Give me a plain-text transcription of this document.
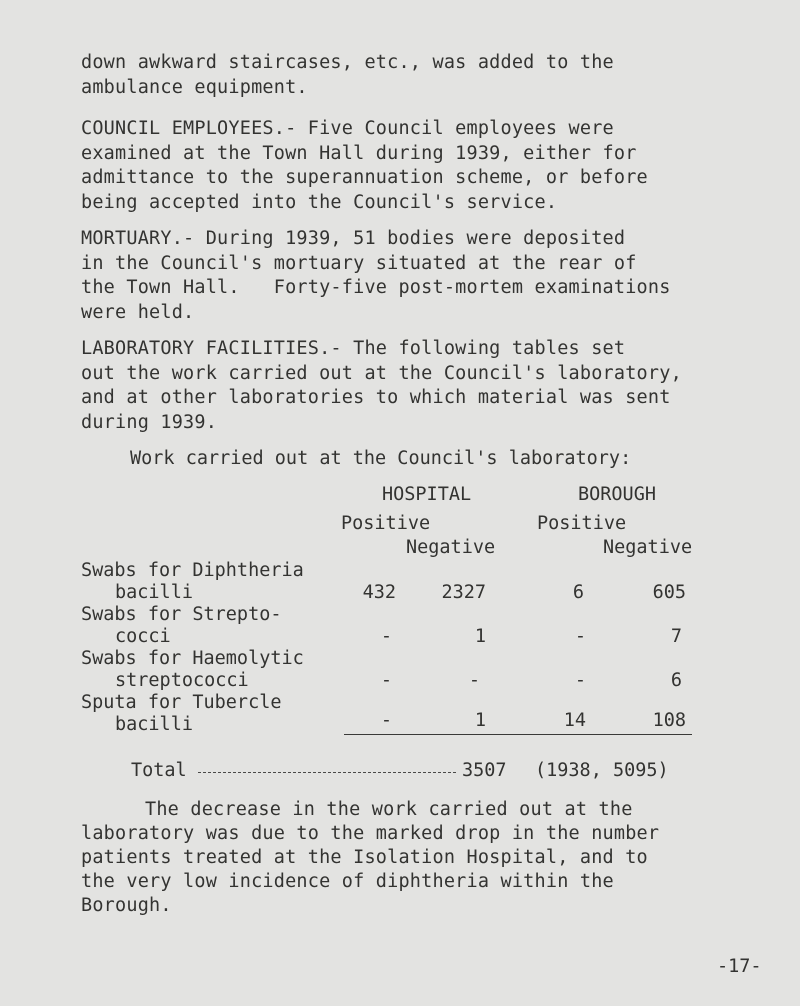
down awkward staircases, etc., was added to the
ambulance equipment.
COUNCIL EMPLOYEES.- Five Council employees were
examined at the Town Hall during 1939, either for
admittance to the superannuation scheme, or before
being accepted into the Council's service.
MORTUARY.- During 1939, 51 bodies were deposited
in the Council's mortuary situated at the rear of
the Town Hall.   Forty-five post-mortem examinations
were held.
LABORATORY FACILITIES.- The following tables set
out the work carried out at the Council's laboratory,
and at other laboratories to which material was sent
during 1939.
Work carried out at the Council's laboratory:
HOSPITAL	BOROUGH
Positive	Positive
Negative	Negative
Swabs for Diphtheria
bacilli	432	2327	6	605
Swabs for Strepto-
cocci	-	1	-	7
Swabs for Haemolytic
streptococci	-	-	-	6
Sputa for Tubercle
bacilli	-	1	14	108
Total	3507 (1938, 5095)
The decrease in the work carried out at the
laboratory was due to the marked drop in the number
patients treated at the Isolation Hospital, and to
the very low incidence of diphtheria within the
Borough.
-17-
